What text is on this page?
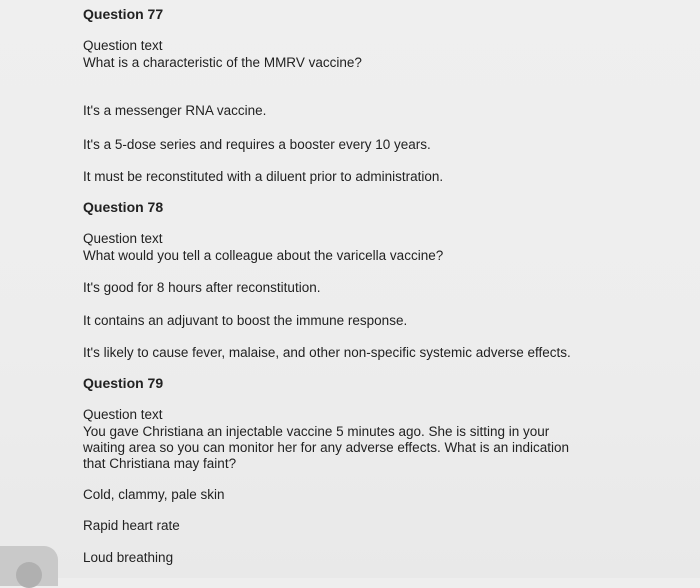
Question 77
Question text
What is a characteristic of the MMRV vaccine?
It's a messenger RNA vaccine.
It's a 5-dose series and requires a booster every 10 years.
It must be reconstituted with a diluent prior to administration.
Question 78
Question text
What would you tell a colleague about the varicella vaccine?
It's good for 8 hours after reconstitution.
It contains an adjuvant to boost the immune response.
It's likely to cause fever, malaise, and other non-specific systemic adverse effects.
Question 79
Question text
You gave Christiana an injectable vaccine 5 minutes ago. She is sitting in your
waiting area so you can monitor her for any adverse effects. What is an indication
that Christiana may faint?
Cold, clammy, pale skin
Rapid heart rate
Loud breathing
